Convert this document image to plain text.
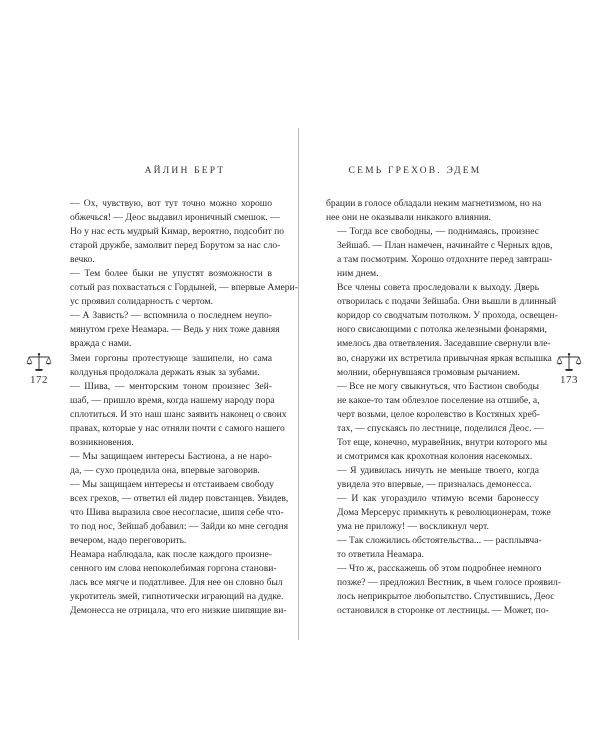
АЙЛИН БЕРТ
— Ох, чувствую, вот тут точно можно хорошо
обжечься! — Деос выдавил ироничный смешок. —
Но у нас есть мудрый Кимар, вероятно, подсобит по
старой дружбе, замолвит перед Борутом за нас сло-
вечко.
— Тем более быки не упустят возможности в
сотый раз похвастаться с Гордыней, — впервые Амери-
ус проявил солидарность с чертом.
— А Зависть? — вспомнила о последнем неупо-
мянутом грехе Неамара. — Ведь у них тоже давняя
вражда с нами.
Змеи горгоны протестующе зашипели, но сама
колдунья продолжала держать язык за зубами.
— Шива, — менторским тоном произнес Зей-
шаб, — пришло время, когда нашему народу пора
сплотиться. И это наш шанс заявить наконец о своих
правах, которые у нас отняли почти с самого нашего
возникновения.
— Мы защищаем интересы Бастиона, а не наро-
да, — сухо процедила она, впервые заговорив.
— Мы защищаем интересы и отстаиваем свободу
всех грехов, — ответил ей лидер повстанцев. Увидев,
что Шива выразила свое несогласие, шипя себе что-
то под нос, Зейшаб добавил: — Зайди ко мне сегодня
вечером, надо переговорить.
Неамара наблюдала, как после каждого произне-
сенного им слова непоколебимая горгона станови-
лась все мягче и податливее. Для нее он словно был
укротитель змей, гипнотически играющий на дудке.
Демонесса не отрицала, что его низкие шипящие ви-
СЕМЬ ГРЕХОВ. ЭДЕМ
брации в голосе обладали неким магнетизмом, но на
нее они не оказывали никакого влияния.
— Тогда все свободны, — поднимаясь, произнес
Зейшаб. — План намечен, начинайте с Черных вдов,
а там посмотрим. Хорошо отдохните перед завтраш-
ним днем.
Все члены совета проследовали к выходу. Дверь
отворилась с подачи Зейшаба. Они вышли в длинный
коридор со сводчатым потолком. У прохода, освещен-
ного свисающими с потолка железными фонарями,
имелось два ответвления. Заседавшие свернули вле-
во, снаружи их встретила привычная яркая вспышка
молнии, обернувшаяся громовым рычанием.
— Все не могу свыкнуться, что Бастион свободы
не какое-то там облезлое поселение на отшибе, а,
черт возьми, целое королевство в Костяных хреб-
тах, — спускаясь по лестнице, поделился Деос. —
Тот еще, конечно, муравейник, внутри которого мы
и смотримся как крохотная колония насекомых.
— Я удивилась ничуть не меньше твоего, когда
увидела это впервые, — призналась демонесса.
— И как угораздило чтимую всеми баронессу
Дома Мерсерус примкнуть к революционерам, тоже
ума не приложу! — воскликнул черт.
— Так сложились обстоятельства... — расплывча-
то ответила Неамара.
— Что ж, расскажешь об этом подробнее немного
позже? — предложил Вестник, в чьем голосе проявил-
лось неприкрытое любопытство. Спустившись, Деос
остановился в сторонке от лестницы. — Может, по-
172	173
